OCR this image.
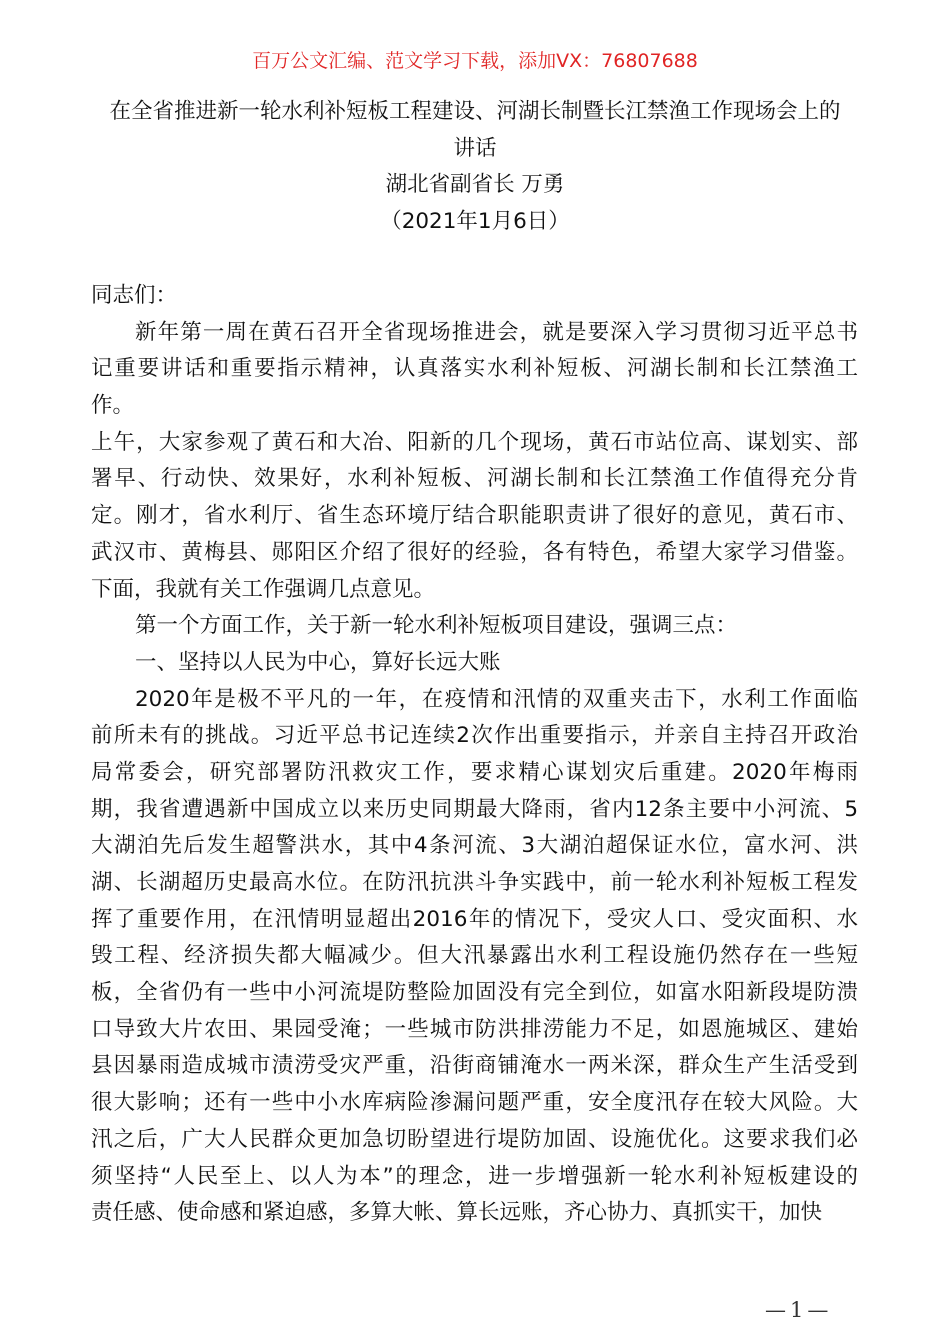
百万公文汇编、范文学习下载，添加VX：76807688
在全省推进新一轮水利补短板工程建设、河湖长制暨长江禁渔工作现场会上的
讲话
湖北省副省长 万勇
（2021年1月6日）
同志们：
新年第一周在黄石召开全省现场推进会，就是要深入学习贯彻习近平总书
记重要讲话和重要指示精神，认真落实水利补短板、河湖长制和长江禁渔工
作。
上午，大家参观了黄石和大冶、阳新的几个现场，黄石市站位高、谋划实、部
署早、行动快、效果好，水利补短板、河湖长制和长江禁渔工作值得充分肯
定。刚才，省水利厅、省生态环境厅结合职能职责讲了很好的意见，黄石市、
武汉市、黄梅县、郧阳区介绍了很好的经验，各有特色，希望大家学习借鉴。
下面，我就有关工作强调几点意见。
第一个方面工作，关于新一轮水利补短板项目建设，强调三点：
一、坚持以人民为中心，算好长远大账
2020年是极不平凡的一年，在疫情和汛情的双重夹击下，水利工作面临
前所未有的挑战。习近平总书记连续2次作出重要指示，并亲自主持召开政治
局常委会，研究部署防汛救灾工作，要求精心谋划灾后重建。2020年梅雨
期，我省遭遇新中国成立以来历史同期最大降雨，省内12条主要中小河流、5
大湖泊先后发生超警洪水，其中4条河流、3大湖泊超保证水位，富水河、洪
湖、长湖超历史最高水位。在防汛抗洪斗争实践中，前一轮水利补短板工程发
挥了重要作用，在汛情明显超出2016年的情况下，受灾人口、受灾面积、水
毁工程、经济损失都大幅减少。但大汛暴露出水利工程设施仍然存在一些短
板，全省仍有一些中小河流堤防整险加固没有完全到位，如富水阳新段堤防溃
口导致大片农田、果园受淹；一些城市防洪排涝能力不足，如恩施城区、建始
县因暴雨造成城市渍涝受灾严重，沿街商铺淹水一两米深，群众生产生活受到
很大影响；还有一些中小水库病险渗漏问题严重，安全度汛存在较大风险。大
汛之后，广大人民群众更加急切盼望进行堤防加固、设施优化。这要求我们必
须坚持“人民至上、以人为本”的理念，进一步增强新一轮水利补短板建设的
责任感、使命感和紧迫感，多算大帐、算长远账，齐心协力、真抓实干，加快
—1—
